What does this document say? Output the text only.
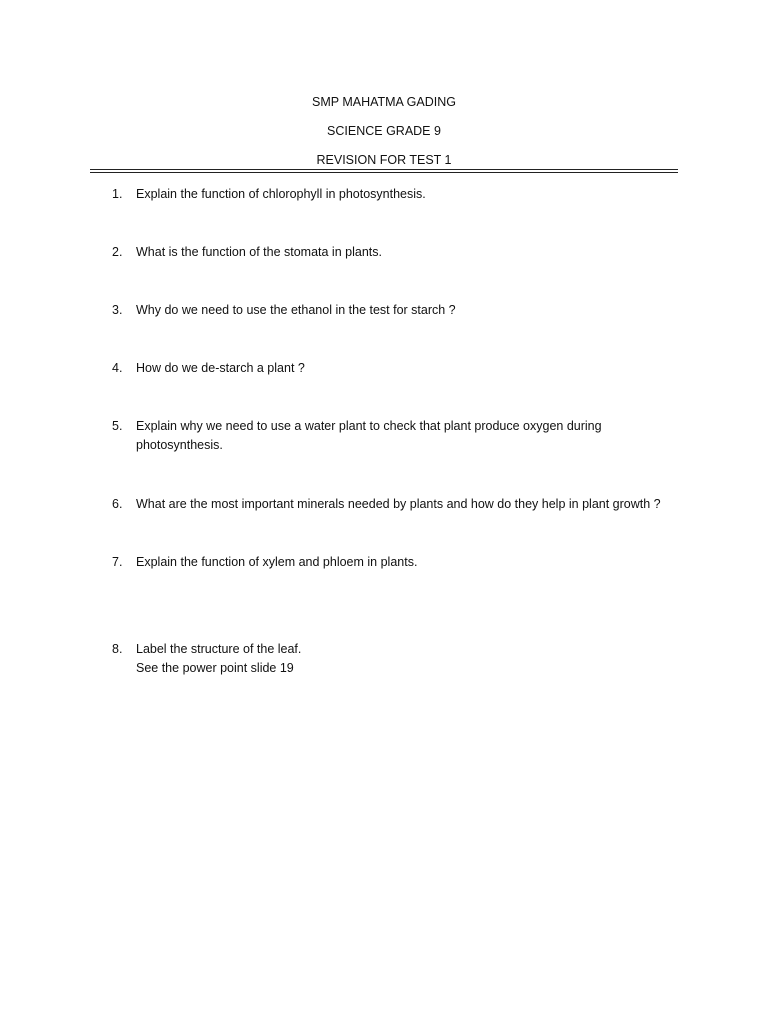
SMP MAHATMA GADING
SCIENCE GRADE 9
REVISION FOR TEST 1
1.	Explain the function of chlorophyll in photosynthesis.
2.	What is the function of the stomata in plants.
3.	Why do we need to use the ethanol in the test for starch ?
4.	How do we de-starch a plant ?
5.	Explain why we need to use a water plant to check that plant produce oxygen during
photosynthesis.
6.	What are the most important minerals needed by plants and how do they help in plant growth ?
7.	Explain the function of xylem and phloem in plants.
8.	Label the structure of the leaf.
See the power point slide 19
